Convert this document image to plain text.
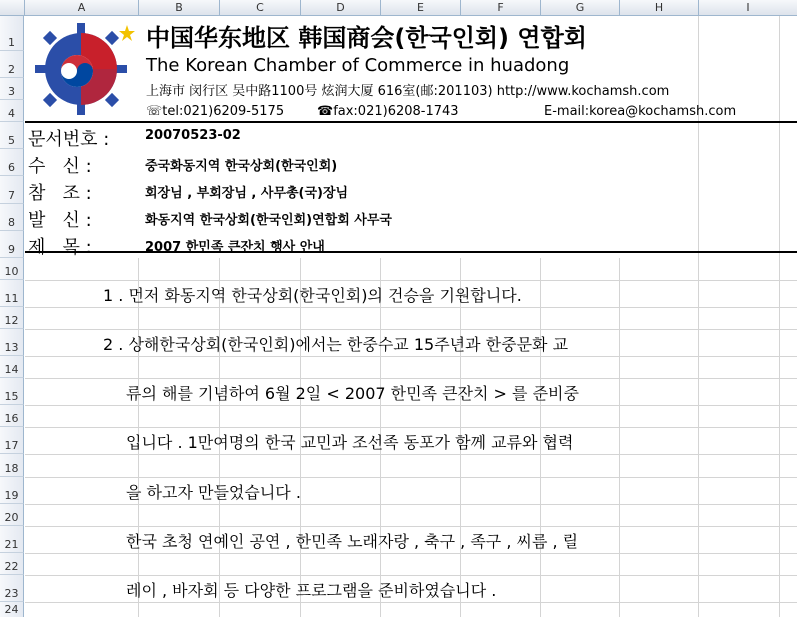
A	B	C	D	E	F	G	H	I
1
2
3
4
5
6
7
8
9
10
11
12
13
14
15
16
17
18
19
20
21
22
23
24
中国华东地区 韩国商会(한국인회) 연합회
The Korean Chamber of Commerce in huadong
上海市 闵行区 吴中路1100号 炫润大厦 616室(邮:201103) http://www.kochamsh.com
☏tel:021)6209-5175	☎fax:021)6208-1743	E-mail:korea@kochamsh.com
문서번호 :	20070523-02
수   신 :	중국화동지역 한국상회(한국인회)
참   조 :	회장님 , 부회장님 , 사무총(국)장님
발   신 :	화동지역 한국상회(한국인회)연합회 사무국
제   목 :	2007 한민족 큰잔치 행사 안내
1 . 먼저 화동지역 한국상회(한국인회)의 건승을 기원합니다.
2 . 상해한국상회(한국인회)에서는 한중수교 15주년과 한중문화 교
류의 해를 기념하여 6월 2일 < 2007 한민족 큰잔치 > 를 준비중
입니다 . 1만여명의 한국 교민과 조선족 동포가 함께 교류와 협력
을 하고자 만들었습니다 .
한국 초청 연예인 공연 , 한민족 노래자랑 , 축구 , 족구 , 씨름 , 릴
레이 , 바자회 등 다양한 프로그램을 준비하였습니다 .
